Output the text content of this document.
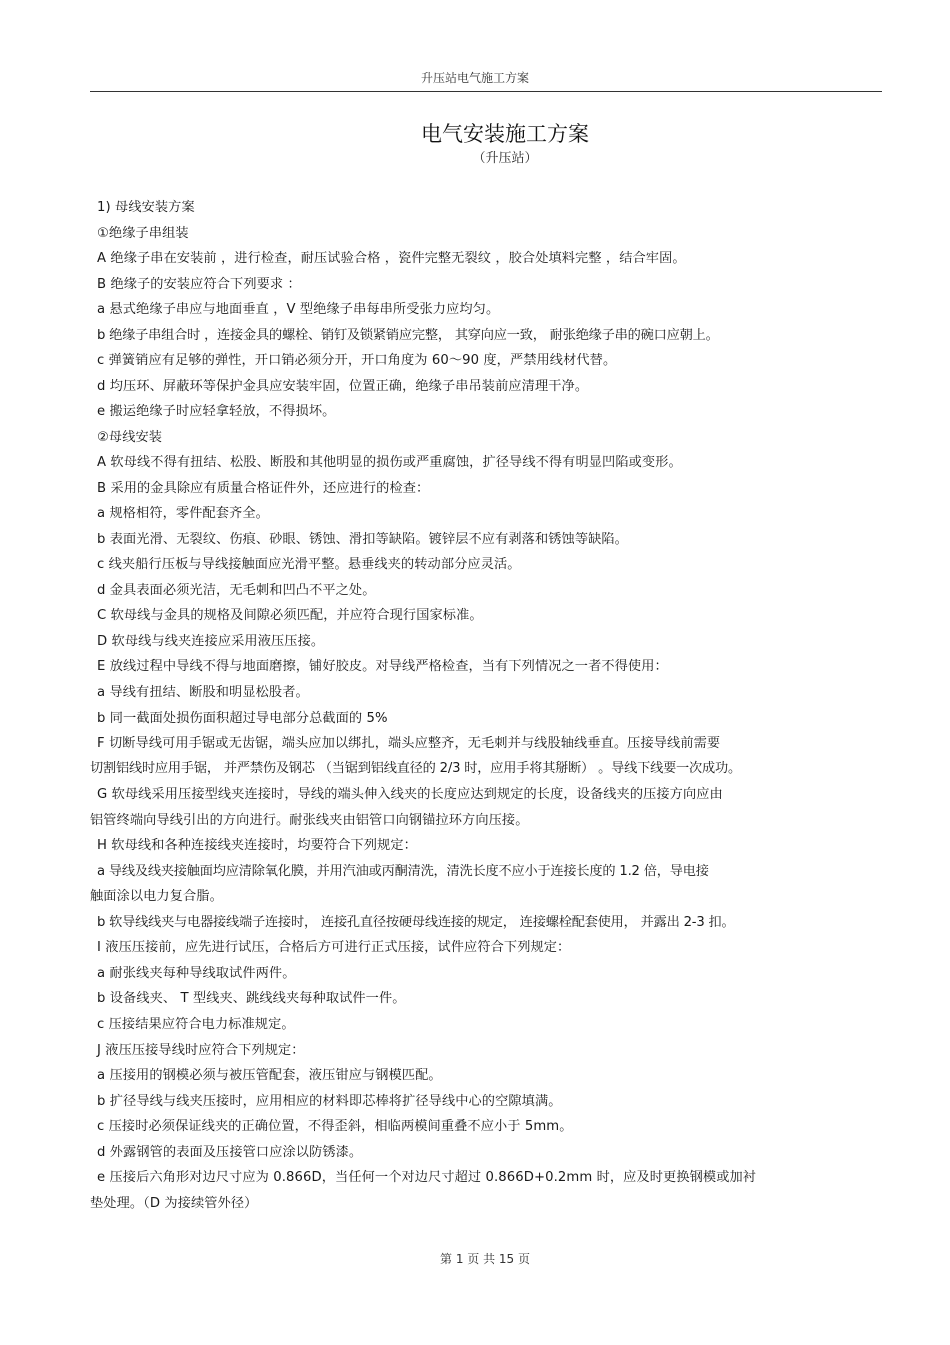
升压站电气施工方案
电气安装施工方案
（升压站）
1) 母线安装方案
①绝缘子串组装
A 绝缘子串在安装前 ，进行检查，耐压试验合格 ，瓷件完整无裂纹 ，胶合处填料完整 ，结合牢固。
B 绝缘子的安装应符合下列要求 ：
a 悬式绝缘子串应与地面垂直 ，V 型绝缘子串每串所受张力应均匀。
b 绝缘子串组合时 ，连接金具的螺栓、销钉及锁紧销应完整， 其穿向应一致， 耐张绝缘子串的碗口应朝上。
c 弹簧销应有足够的弹性，开口销必须分开，开口角度为 60～90 度，严禁用线材代替。
d 均压环、屏蔽环等保护金具应安装牢固，位置正确，绝缘子串吊装前应清理干净。
e 搬运绝缘子时应轻拿轻放，不得损坏。
②母线安装
A 软母线不得有扭结、松股、断股和其他明显的损伤或严重腐蚀，扩径导线不得有明显凹陷或变形。
B 采用的金具除应有质量合格证件外，还应进行的检查：
a 规格相符，零件配套齐全。
b 表面光滑、无裂纹、伤痕、砂眼、锈蚀、滑扣等缺陷。镀锌层不应有剥落和锈蚀等缺陷。
c 线夹船行压板与导线接触面应光滑平整。悬垂线夹的转动部分应灵活。
d 金具表面必须光洁，无毛刺和凹凸不平之处。
C 软母线与金具的规格及间隙必须匹配，并应符合现行国家标准。
D 软母线与线夹连接应采用液压压接。
E 放线过程中导线不得与地面磨擦，铺好胶皮。对导线严格检查，当有下列情况之一者不得使用：
a 导线有扭结、断股和明显松股者。
b 同一截面处损伤面积超过导电部分总截面的 5%
F 切断导线可用手锯或无齿锯，端头应加以绑扎，端头应整齐，无毛刺并与线股轴线垂直。压接导线前需要
切割铝线时应用手锯， 并严禁伤及钢芯 （当锯到铝线直径的 2/3 时，应用手将其掰断） 。导线下线要一次成功。
G 软母线采用压接型线夹连接时，导线的端头伸入线夹的长度应达到规定的长度，设备线夹的压接方向应由
铝管终端向导线引出的方向进行。耐张线夹由铝管口向钢锚拉环方向压接。
H 软母线和各种连接线夹连接时，均要符合下列规定：
a 导线及线夹接触面均应清除氧化膜，并用汽油或丙酮清洗，清洗长度不应小于连接长度的 1.2 倍，导电接
触面涂以电力复合脂。
b 软导线线夹与电器接线端子连接时， 连接孔直径按硬母线连接的规定， 连接螺栓配套使用， 并露出 2-3 扣。
I 液压压接前，应先进行试压，合格后方可进行正式压接，试件应符合下列规定：
a 耐张线夹每种导线取试件两件。
b 设备线夹、 T 型线夹、跳线线夹每种取试件一件。
c 压接结果应符合电力标准规定。
J 液压压接导线时应符合下列规定：
a 压接用的钢模必须与被压管配套，液压钳应与钢模匹配。
b 扩径导线与线夹压接时，应用相应的材料即芯棒将扩径导线中心的空隙填满。
c 压接时必须保证线夹的正确位置，不得歪斜，相临两模间重叠不应小于 5mm。
d 外露钢管的表面及压接管口应涂以防锈漆。
e 压接后六角形对边尺寸应为 0.866D，当任何一个对边尺寸超过 0.866D+0.2mm 时，应及时更换钢模或加衬
垫处理。（D 为接续管外径）
第 1 页 共 15 页
